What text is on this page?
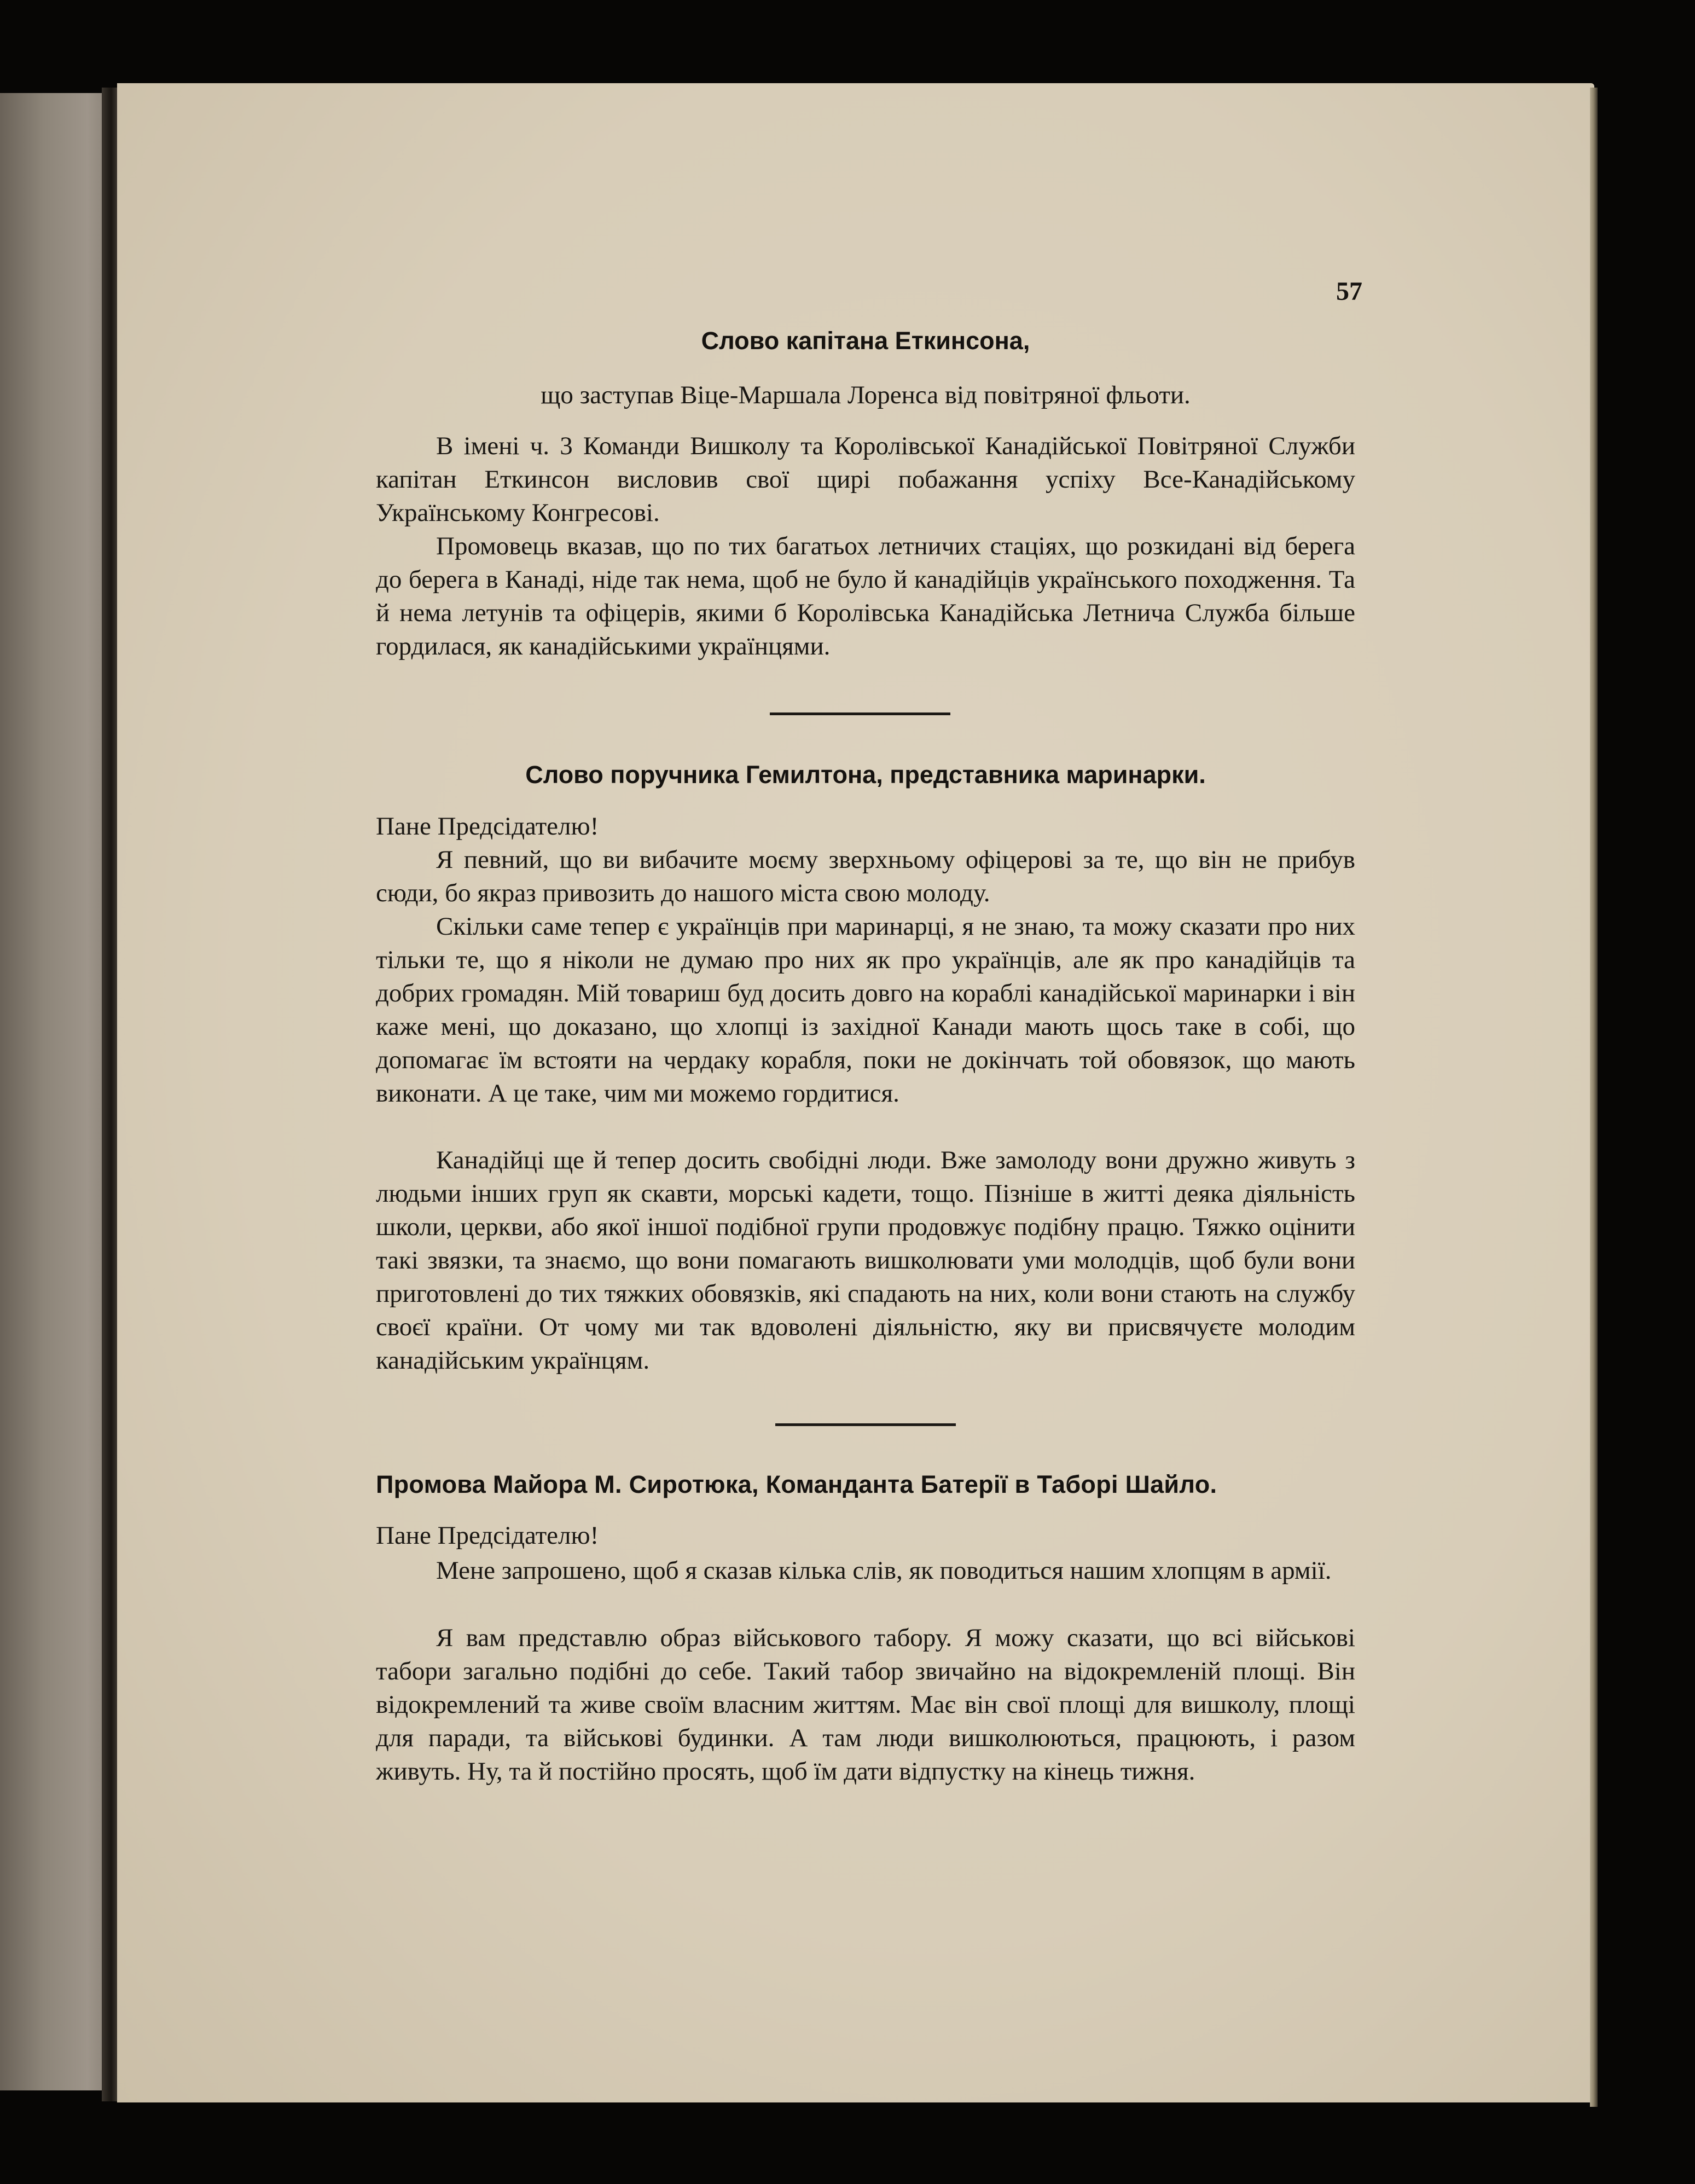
57
Слово капітана Еткинсона,

що заступав Віце-Маршала Лоренса від повітряної фльоти.

В імені ч. 3 Команди Вишколу та Королівської Канадійської Повітряної Служби капітан Еткинсон висловив свої щирі побажання успіху Все-Канадійському Українському Конгресові.

Промовець вказав, що по тих багатьох летничих стаціях, що розкидані від берега до берега в Канаді, ніде так нема, щоб не було й канадійців українського походження. Та й нема летунів та офіцерів, якими б Королівська Канадійська Летнича Служба більше гордилася, як канадійськими українцями.

Слово поручника Гемилтона, представника маринарки.

Пане Предсідателю!

Я певний, що ви вибачите моєму зверхньому офіцерові за те, що він не прибув сюди, бо якраз привозить до нашого міста свою молоду.

Скільки саме тепер є українців при маринарці, я не знаю, та можу сказати про них тільки те, що я ніколи не думаю про них як про українців, але як про канадійців та добрих громадян. Мій товариш буд досить довго на кораблі канадійської маринарки і він каже мені, що доказано, що хлопці із західної Канади мають щось таке в собі, що допомагає їм встояти на чердаку корабля, поки не докінчать той обовязок, що мають виконати. А це таке, чим ми можемо гордитися.

Канадійці ще й тепер досить свобідні люди. Вже замолоду вони дружно живуть з людьми інших груп як скавти, морські кадети, тощо. Пізніше в житті деяка діяльність школи, церкви, або якої іншої подібної групи продовжує подібну працю. Тяжко оцінити такі звязки, та знаємо, що вони помагають вишколювати уми молодців, щоб були вони приготовлені до тих тяжких обовязків, які спадають на них, коли вони стають на службу своєї країни. От чому ми так вдоволені діяльністю, яку ви присвячуєте молодим канадійським українцям.

Промова Майора М. Сиротюка, Команданта Батерії в Таборі Шайло.

Пане Предсідателю!

Мене запрошено, щоб я сказав кілька слів, як поводиться нашим хлопцям в армії.

Я вам представлю образ військового табору. Я можу сказати, що всі військові табори загально подібні до себе. Такий табор звичайно на відокремленій площі. Він відокремлений та живе своїм власним життям. Має він свої площі для вишколу, площі для паради, та військові будинки. А там люди вишколюються, працюють, і разом живуть. Ну, та й постійно просять, щоб їм дати відпустку на кінець тижня.
